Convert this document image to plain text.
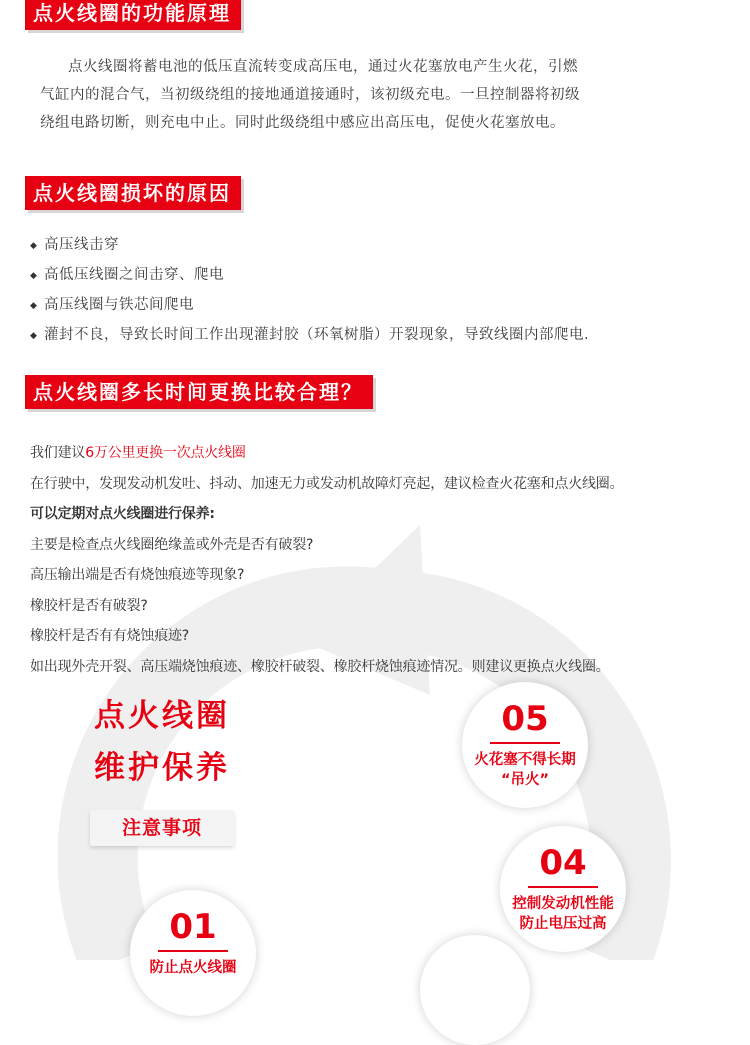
点火线圈的功能原理
点火线圈将蓄电池的低压直流转变成高压电，通过火花塞放电产生火花，引燃
气缸内的混合气，当初级绕组的接地通道接通时，该初级充电。一旦控制器将初级
绕组电路切断，则充电中止。同时此级绕组中感应出高压电，促使火花塞放电。
点火线圈损坏的原因
◆ 高压线击穿
◆ 高低压线圈之间击穿、爬电
◆ 高压线圈与铁芯间爬电
◆ 灌封不良，导致长时间工作出现灌封胶（环氧树脂）开裂现象，导致线圈内部爬电.
点火线圈多长时间更换比较合理？
我们建议6万公里更换一次点火线圈
在行驶中，发现发动机发吐、抖动、加速无力或发动机故障灯亮起，建议检查火花塞和点火线圈。
可以定期对点火线圈进行保养:
主要是检查点火线圈绝缘盖或外壳是否有破裂?
高压输出端是否有烧蚀痕迹等现象?
橡胶杆是否有破裂?
橡胶杆是否有有烧蚀痕迹?
如出现外壳开裂、高压端烧蚀痕迹、橡胶杆破裂、橡胶杆烧蚀痕迹情况。则建议更换点火线圈。
点火线圈
维护保养
注意事项
05
火花塞不得长期
“吊火”
04
控制发动机性能
防止电压过高
01
防止点火线圈
